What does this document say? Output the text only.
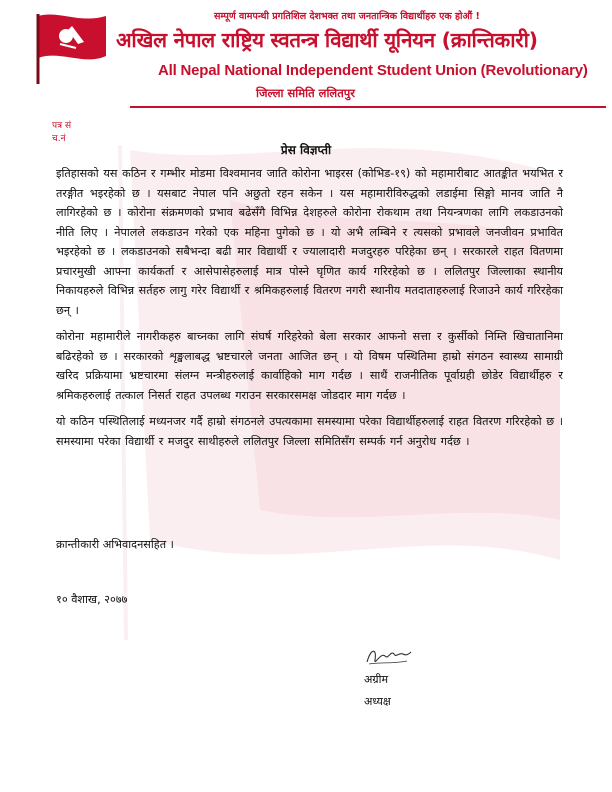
सम्पूर्ण वामपन्थी प्रगतिशिल देशभक्त तथा जनतान्त्रिक विद्यार्थीहरु एक होऔं !
अखिल नेपाल राष्ट्रिय स्वतन्त्र विद्यार्थी यूनियन (क्रान्तिकारी)
All Nepal National Independent Student Union (Revolutionary)
जिल्ला समिति ललितपुर
पत्र सं
च.नं
प्रेस विज्ञप्ती

इतिहासको यस कठिन र गम्भीर मोडमा विश्वमानव जाति कोरोना भाइरस (कोभिड-१९) को महामारीबाट आतङ्कीत भयभित र तरङ्गीत भइरहेको छ । यसबाट नेपाल पनि अछुतो रहन सकेन । यस महामारीविरुद्धको लडाईमा सिङ्गो मानव जाति नै लागिरहेको छ । कोरोना संक्रमणको प्रभाव बढेसँगै विभिन्न देशहरुले कोरोना रोकथाम तथा नियन्त्रणका लागि लकडाउनको नीति लिए । नेपालले लकडाउन गरेको एक महिना पुगेको छ । यो अभै लम्बिने र त्यसको प्रभावले जनजीवन प्रभावित भइरहेको छ । लकडाउनको सबैभन्दा बढी मार विद्यार्थी र ज्यालादारी मजदुरहरु परिहेका छन् । सरकारले राहत वितणमा प्रचारमुखी आफ्ना कार्यकर्ता र आसेपासेहरुलाई मात्र पोस्ने घृणित कार्य गरिरहेको छ । ललितपुर जिल्लाका स्थानीय निकायहरुले विभिन्न सर्तहरु लागु गरेर विद्यार्थी र श्रमिकहरुलाई वितरण नगरी स्थानीय मतदाताहरुलाई रिजाउने कार्य गरिरहेका छन् ।

कोरोना महामारीले नागरीकहरु बाच्नका लागि संघर्ष गरिहरेको बेला सरकार आफनो सत्ता र कुर्सीको निम्ति खिचातानिमा बढिरहेको छ । सरकारको शृङ्खलाबद्ध भ्रष्टचारले जनता आजित छन् । यो विषम पस्थितिमा हाम्रो संगठन स्वास्थ्य सामाग्री खरिद प्रक्रियामा भ्रष्टचारमा संलग्न मन्त्रीहरुलाई कार्वाहिको माग गर्दछ । साथैं राजनीतिक पूर्वाग्रही छोडेर विद्यार्थीहरु र श्रमिकहरुलाई तत्काल निसर्त राहत उपलब्ध गराउन सरकारसमक्ष जोडदार माग गर्दछ ।

यो कठिन पस्थितिलाई मध्यनजर गर्दै हाम्रो संगठनले उपत्यकामा समस्यामा परेका विद्यार्थीहरुलाई राहत वितरण गरिरहेको छ । समस्यामा परेका विद्यार्थी र मजदुर साथीहरुले ललितपुर जिल्ला समितिसँग सम्पर्क गर्न अनुरोध गर्दछ ।

क्रान्तीकारी अभिवादनसहित ।
१० वैशाख, २०७७
अग्रीम
अध्यक्ष
